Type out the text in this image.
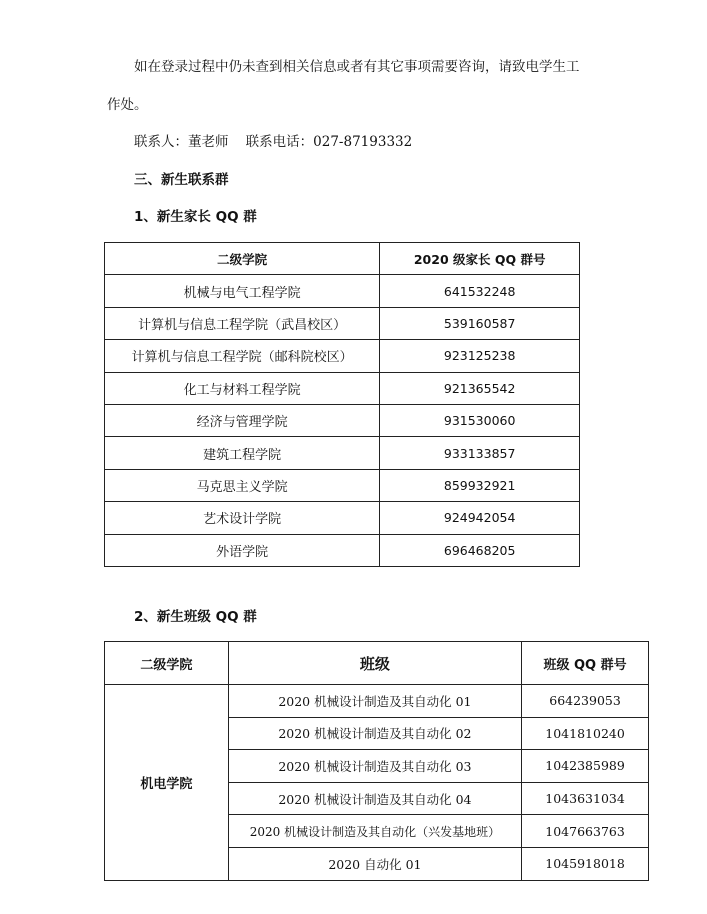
如在登录过程中仍未查到相关信息或者有其它事项需要咨询，请致电学生工
作处。
联系人：董老师    联系电话：027-87193332
三、新生联系群
1、新生家长 QQ 群
二级学院	2020 级家长 QQ 群号
机械与电气工程学院	641532248
计算机与信息工程学院（武昌校区）	539160587
计算机与信息工程学院（邮科院校区）	923125238
化工与材料工程学院	921365542
经济与管理学院	931530060
建筑工程学院	933133857
马克思主义学院	859932921
艺术设计学院	924942054
外语学院	696468205
2、新生班级 QQ 群
二级学院	班级	班级 QQ 群号
机电学院	2020 机械设计制造及其自动化 01	664239053
	2020 机械设计制造及其自动化 02	1041810240
	2020 机械设计制造及其自动化 03	1042385989
	2020 机械设计制造及其自动化 04	1043631034
	2020 机械设计制造及其自动化（兴发基地班）	1047663763
	2020 自动化 01	1045918018
